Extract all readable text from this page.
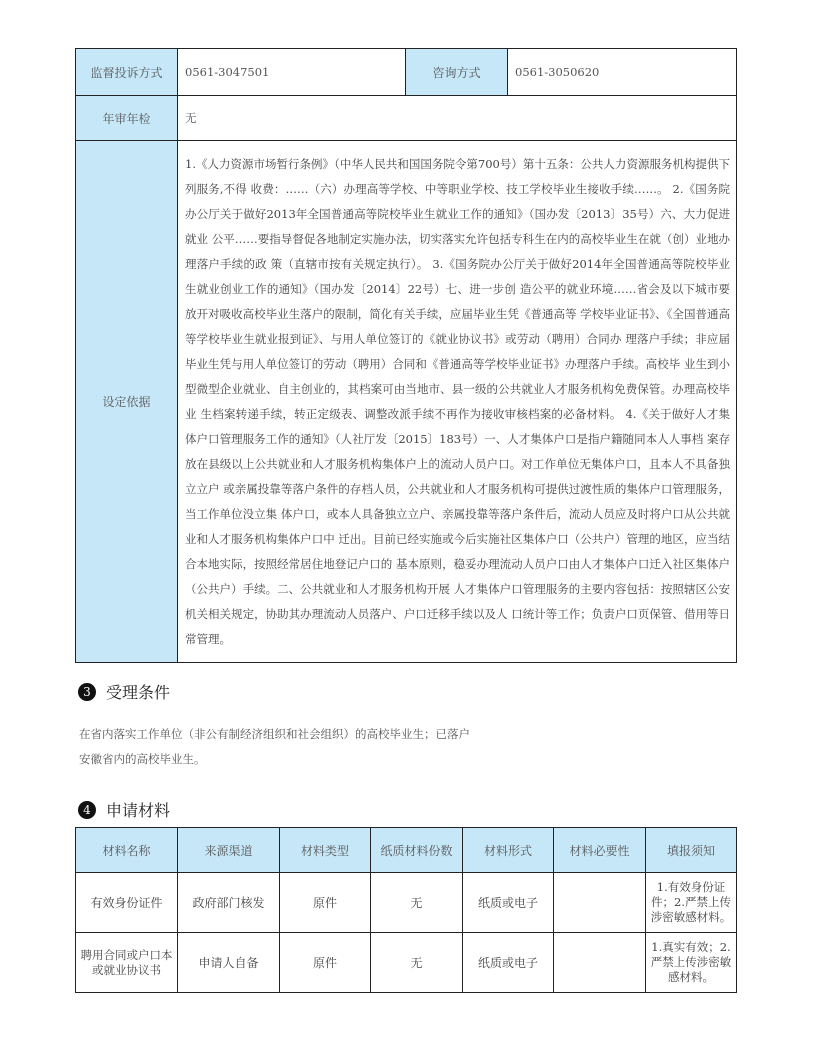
监督投诉方式	0561-3047501	咨询方式	0561-3050620
年审年检	无		
设定依据	1.《人力资源市场暂行条例》（中华人民共和国国务院令第700号）第十五条：公共人力资源服务机构提供下列服务,不得 收费：……（六）办理高等学校、中等职业学校、技工学校毕业生接收手续……。 2.《国务院办公厅关于做好2013年全国普通高等院校毕业生就业工作的通知》（国办发〔2013〕35号）六、大力促进就业 公平……要指导督促各地制定实施办法，切实落实允许包括专科生在内的高校毕业生在就（创）业地办理落户手续的政 策（直辖市按有关规定执行）。 3.《国务院办公厅关于做好2014年全国普通高等院校毕业生就业创业工作的通知》（国办发〔2014〕22号）七、进一步创 造公平的就业环境……省会及以下城市要放开对吸收高校毕业生落户的限制，简化有关手续，应届毕业生凭《普通高等 学校毕业证书》、《全国普通高等学校毕业生就业报到证》、与用人单位签订的《就业协议书》或劳动（聘用）合同办 理落户手续；非应届毕业生凭与用人单位签订的劳动（聘用）合同和《普通高等学校毕业证书》办理落户手续。高校毕 业生到小型微型企业就业、自主创业的，其档案可由当地市、县一级的公共就业人才服务机构免费保管。办理高校毕业 生档案转递手续，转正定级表、调整改派手续不再作为接收审核档案的必备材料。 4.《关于做好人才集体户口管理服务工作的通知》（人社厅发〔2015〕183号）一、人才集体户口是指户籍随同本人人事档 案存放在县级以上公共就业和人才服务机构集体户上的流动人员户口。对工作单位无集体户口，且本人不具备独立立户 或亲属投靠等落户条件的存档人员，公共就业和人才服务机构可提供过渡性质的集体户口管理服务，当工作单位没立集 体户口，或本人具备独立立户、亲属投靠等落户条件后，流动人员应及时将户口从公共就业和人才服务机构集体户口中 迁出。目前已经实施或今后实施社区集体户口（公共户）管理的地区，应当结合本地实际，按照经常居住地登记户口的 基本原则，稳妥办理流动人员户口由人才集体户口迁入社区集体户（公共户）手续。二、公共就业和人才服务机构开展 人才集体户口管理服务的主要内容包括：按照辖区公安机关相关规定，协助其办理流动人员落户、户口迁移手续以及人 口统计等工作；负责户口页保管、借用等日常管理。		
3 受理条件
在省内落实工作单位（非公有制经济组织和社会组织）的高校毕业生；已落户安徽省内的高校毕业生。
4 申请材料
材料名称	来源渠道	材料类型	纸质材料份数	材料形式	材料必要性	填报须知
有效身份证件	政府部门核发	原件	无	纸质或电子		1.有效身份证件；2.严禁上传涉密敏感材料。
聘用合同或户口本或就业协议书	申请人自备	原件	无	纸质或电子		1.真实有效；2.严禁上传涉密敏感材料。
